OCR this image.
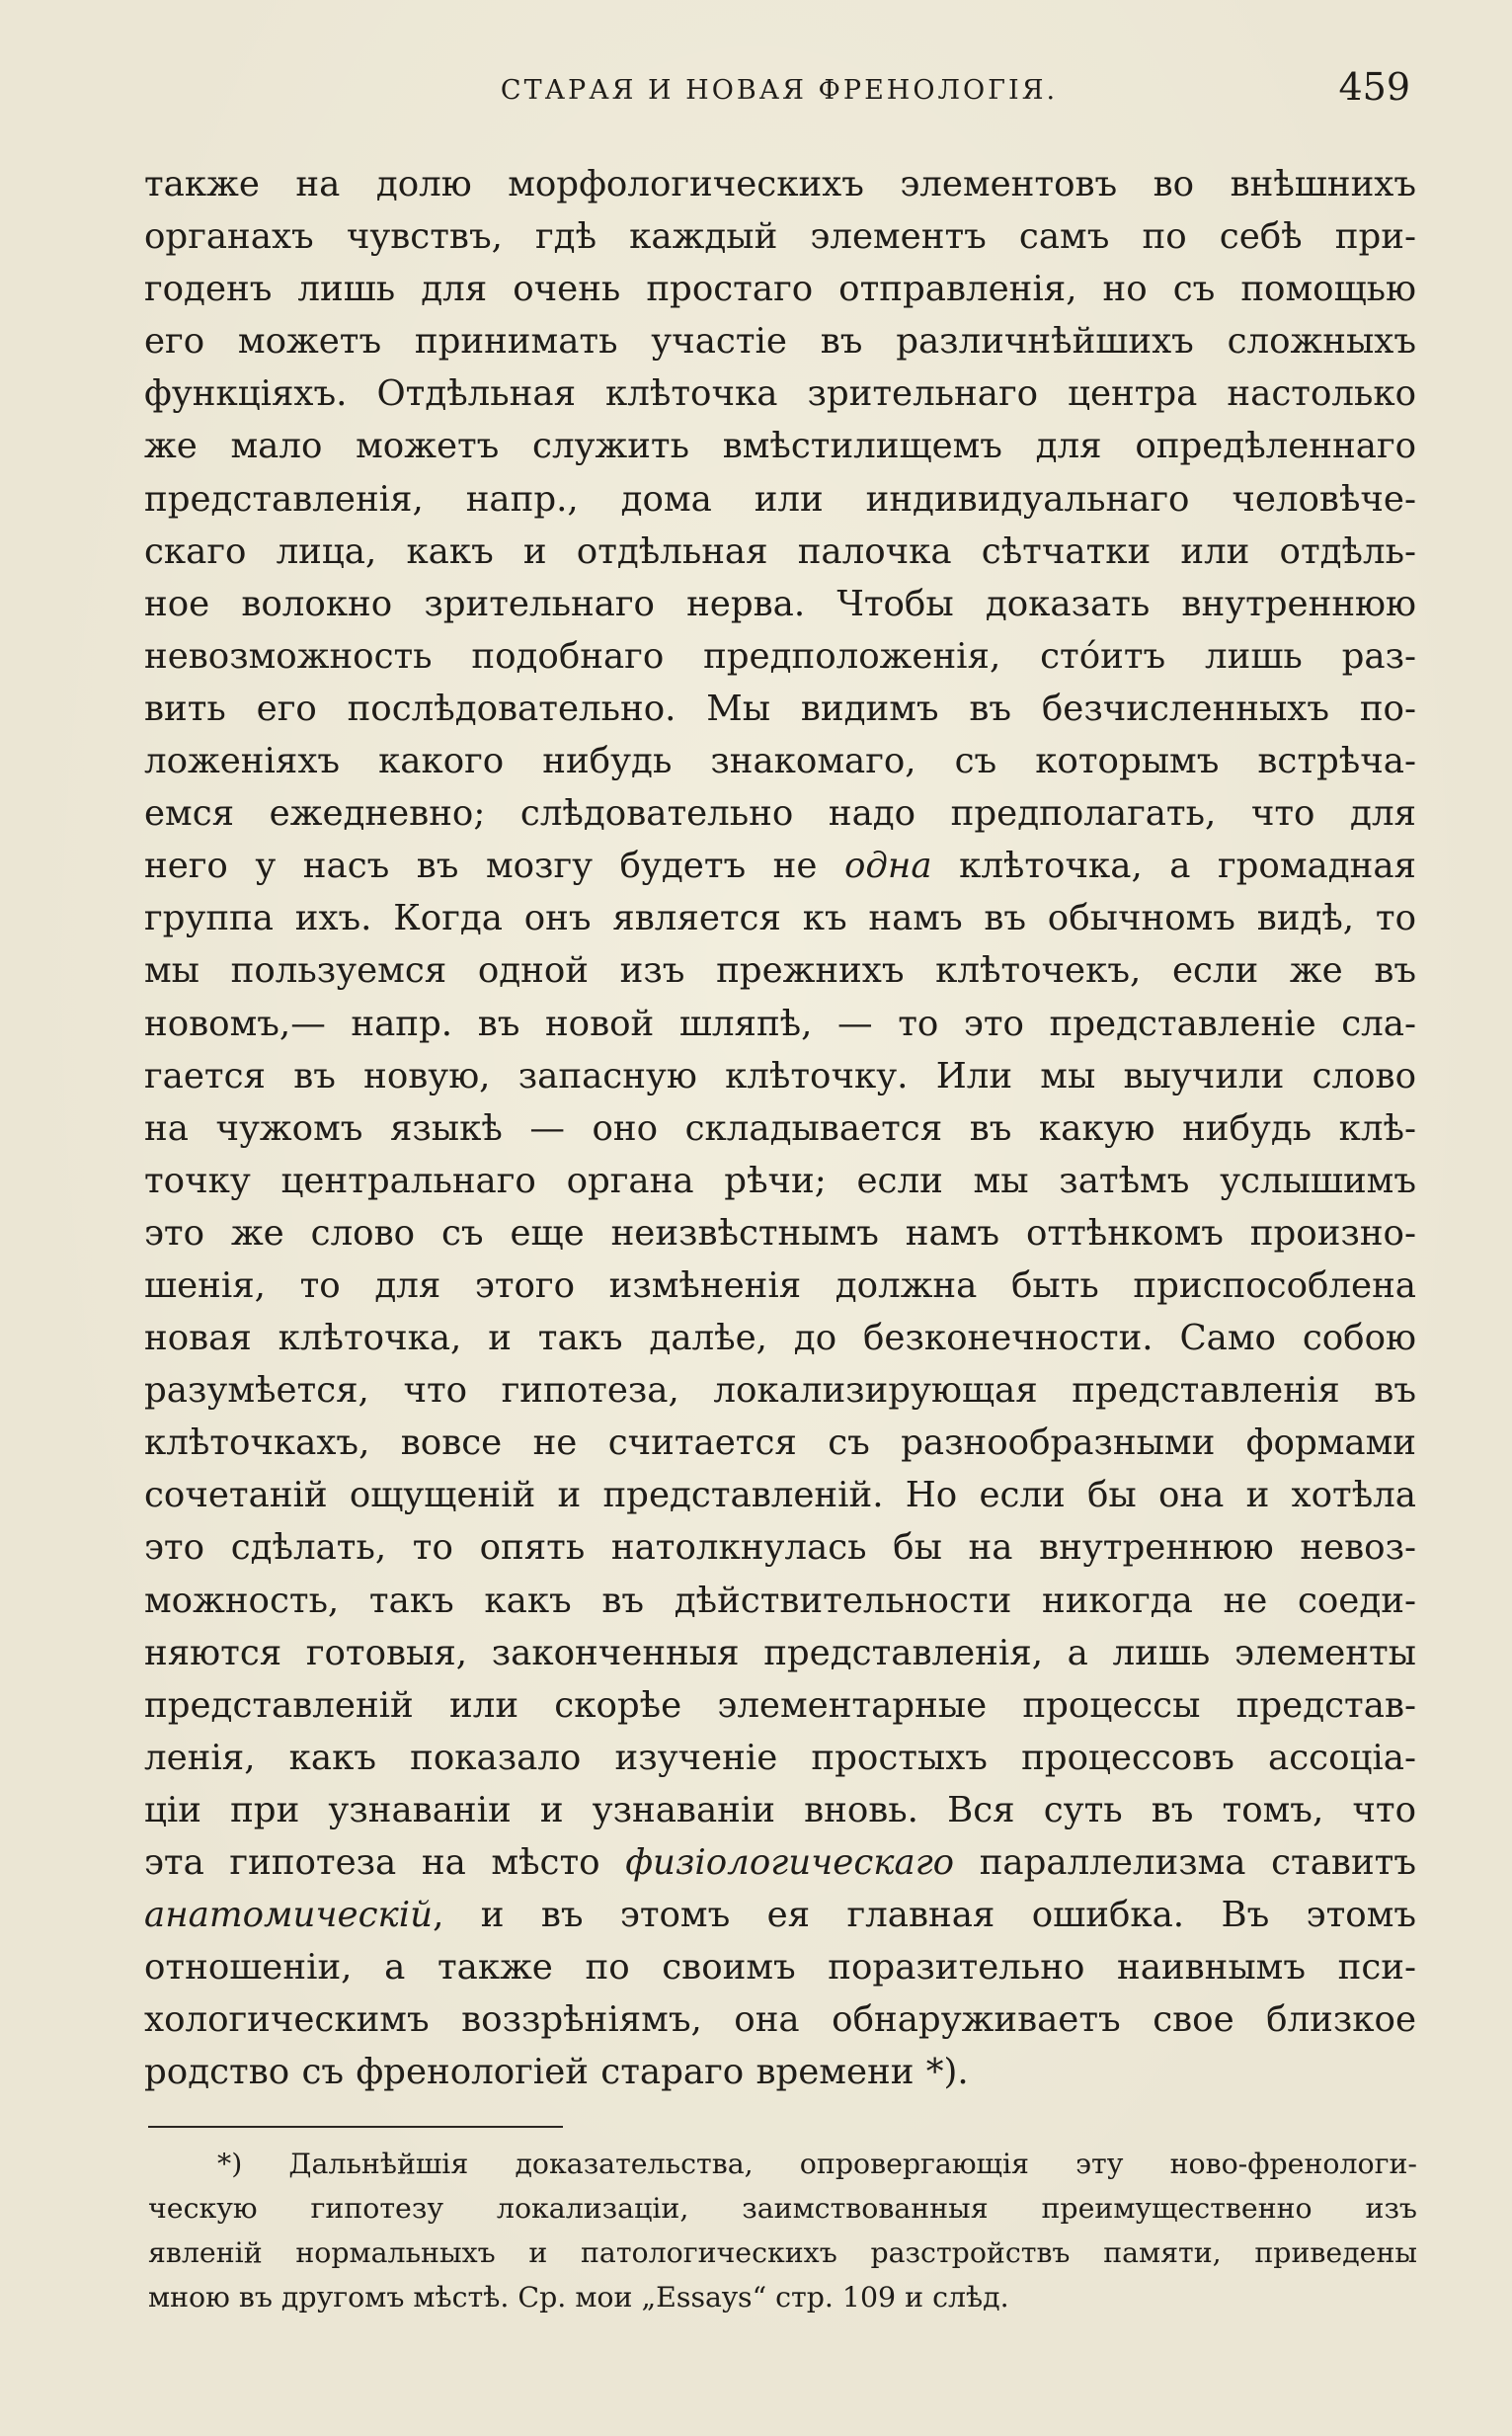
СТАРАЯ И НОВАЯ ФРЕНОЛОГІЯ.	459
также на долю морфологическихъ элементовъ во внѣшнихъ
органахъ чувствъ, гдѣ каждый элементъ самъ по себѣ при-
годенъ лишь для очень простаго отправленія, но съ помощью
его можетъ принимать участіе въ различнѣйшихъ сложныхъ
функціяхъ. Отдѣльная клѣточка зрительнаго центра настолько
же мало можетъ служить вмѣстилищемъ для опредѣленнаго
представленія, напр., дома или индивидуальнаго человѣче-
скаго лица, какъ и отдѣльная палочка сѣтчатки или отдѣль-
ное волокно зрительнаго нерва. Чтобы доказать внутреннюю
невозможность подобнаго предположенія, стóитъ лишь раз-
вить его послѣдовательно. Мы видимъ въ безчисленныхъ по-
ложеніяхъ какого нибудь знакомаго, съ которымъ встрѣча-
емся ежедневно; слѣдовательно надо предполагать, что для
него у насъ въ мозгу будетъ не одна клѣточка, а громадная
группа ихъ. Когда онъ является къ намъ въ обычномъ видѣ, то
мы пользуемся одной изъ прежнихъ клѣточекъ, если же въ
новомъ,— напр. въ новой шляпѣ, — то это представленіе сла-
гается въ новую, запасную клѣточку. Или мы выучили слово
на чужомъ языкѣ — оно складывается въ какую нибудь клѣ-
точку центральнаго органа рѣчи; если мы затѣмъ услышимъ
это же слово съ еще неизвѣстнымъ намъ оттѣнкомъ произно-
шенія, то для этого измѣненія должна быть приспособлена
новая клѣточка, и такъ далѣе, до безконечности. Само собою
разумѣется, что гипотеза, локализирующая представленія въ
клѣточкахъ, вовсе не считается съ разнообразными формами
сочетаній ощущеній и представленій. Но если бы она и хотѣла
это сдѣлать, то опять натолкнулась бы на внутреннюю невоз-
можность, такъ какъ въ дѣйствительности никогда не соеди-
няются готовыя, законченныя представленія, а лишь элементы
представленій или скорѣе элементарные процессы представ-
ленія, какъ показало изученіе простыхъ процессовъ ассоціа-
ціи при узнаваніи и узнаваніи вновь. Вся суть въ томъ, что
эта гипотеза на мѣсто физіологическаго параллелизма ставитъ
анатомическій, и въ этомъ ея главная ошибка. Въ этомъ
отношеніи, а также по своимъ поразительно наивнымъ пси-
хологическимъ воззрѣніямъ, она обнаруживаетъ свое близкое
родство съ френологіей стараго времени *).
*) Дальнѣйшія доказательства, опровергающія эту ново-френологи-
ческую гипотезу локализаціи, заимствованныя преимущественно изъ
явленій нормальныхъ и патологическихъ разстройствъ памяти, приведены
мною въ другомъ мѣстѣ. Ср. мои „Essays“ стр. 109 и слѣд.
